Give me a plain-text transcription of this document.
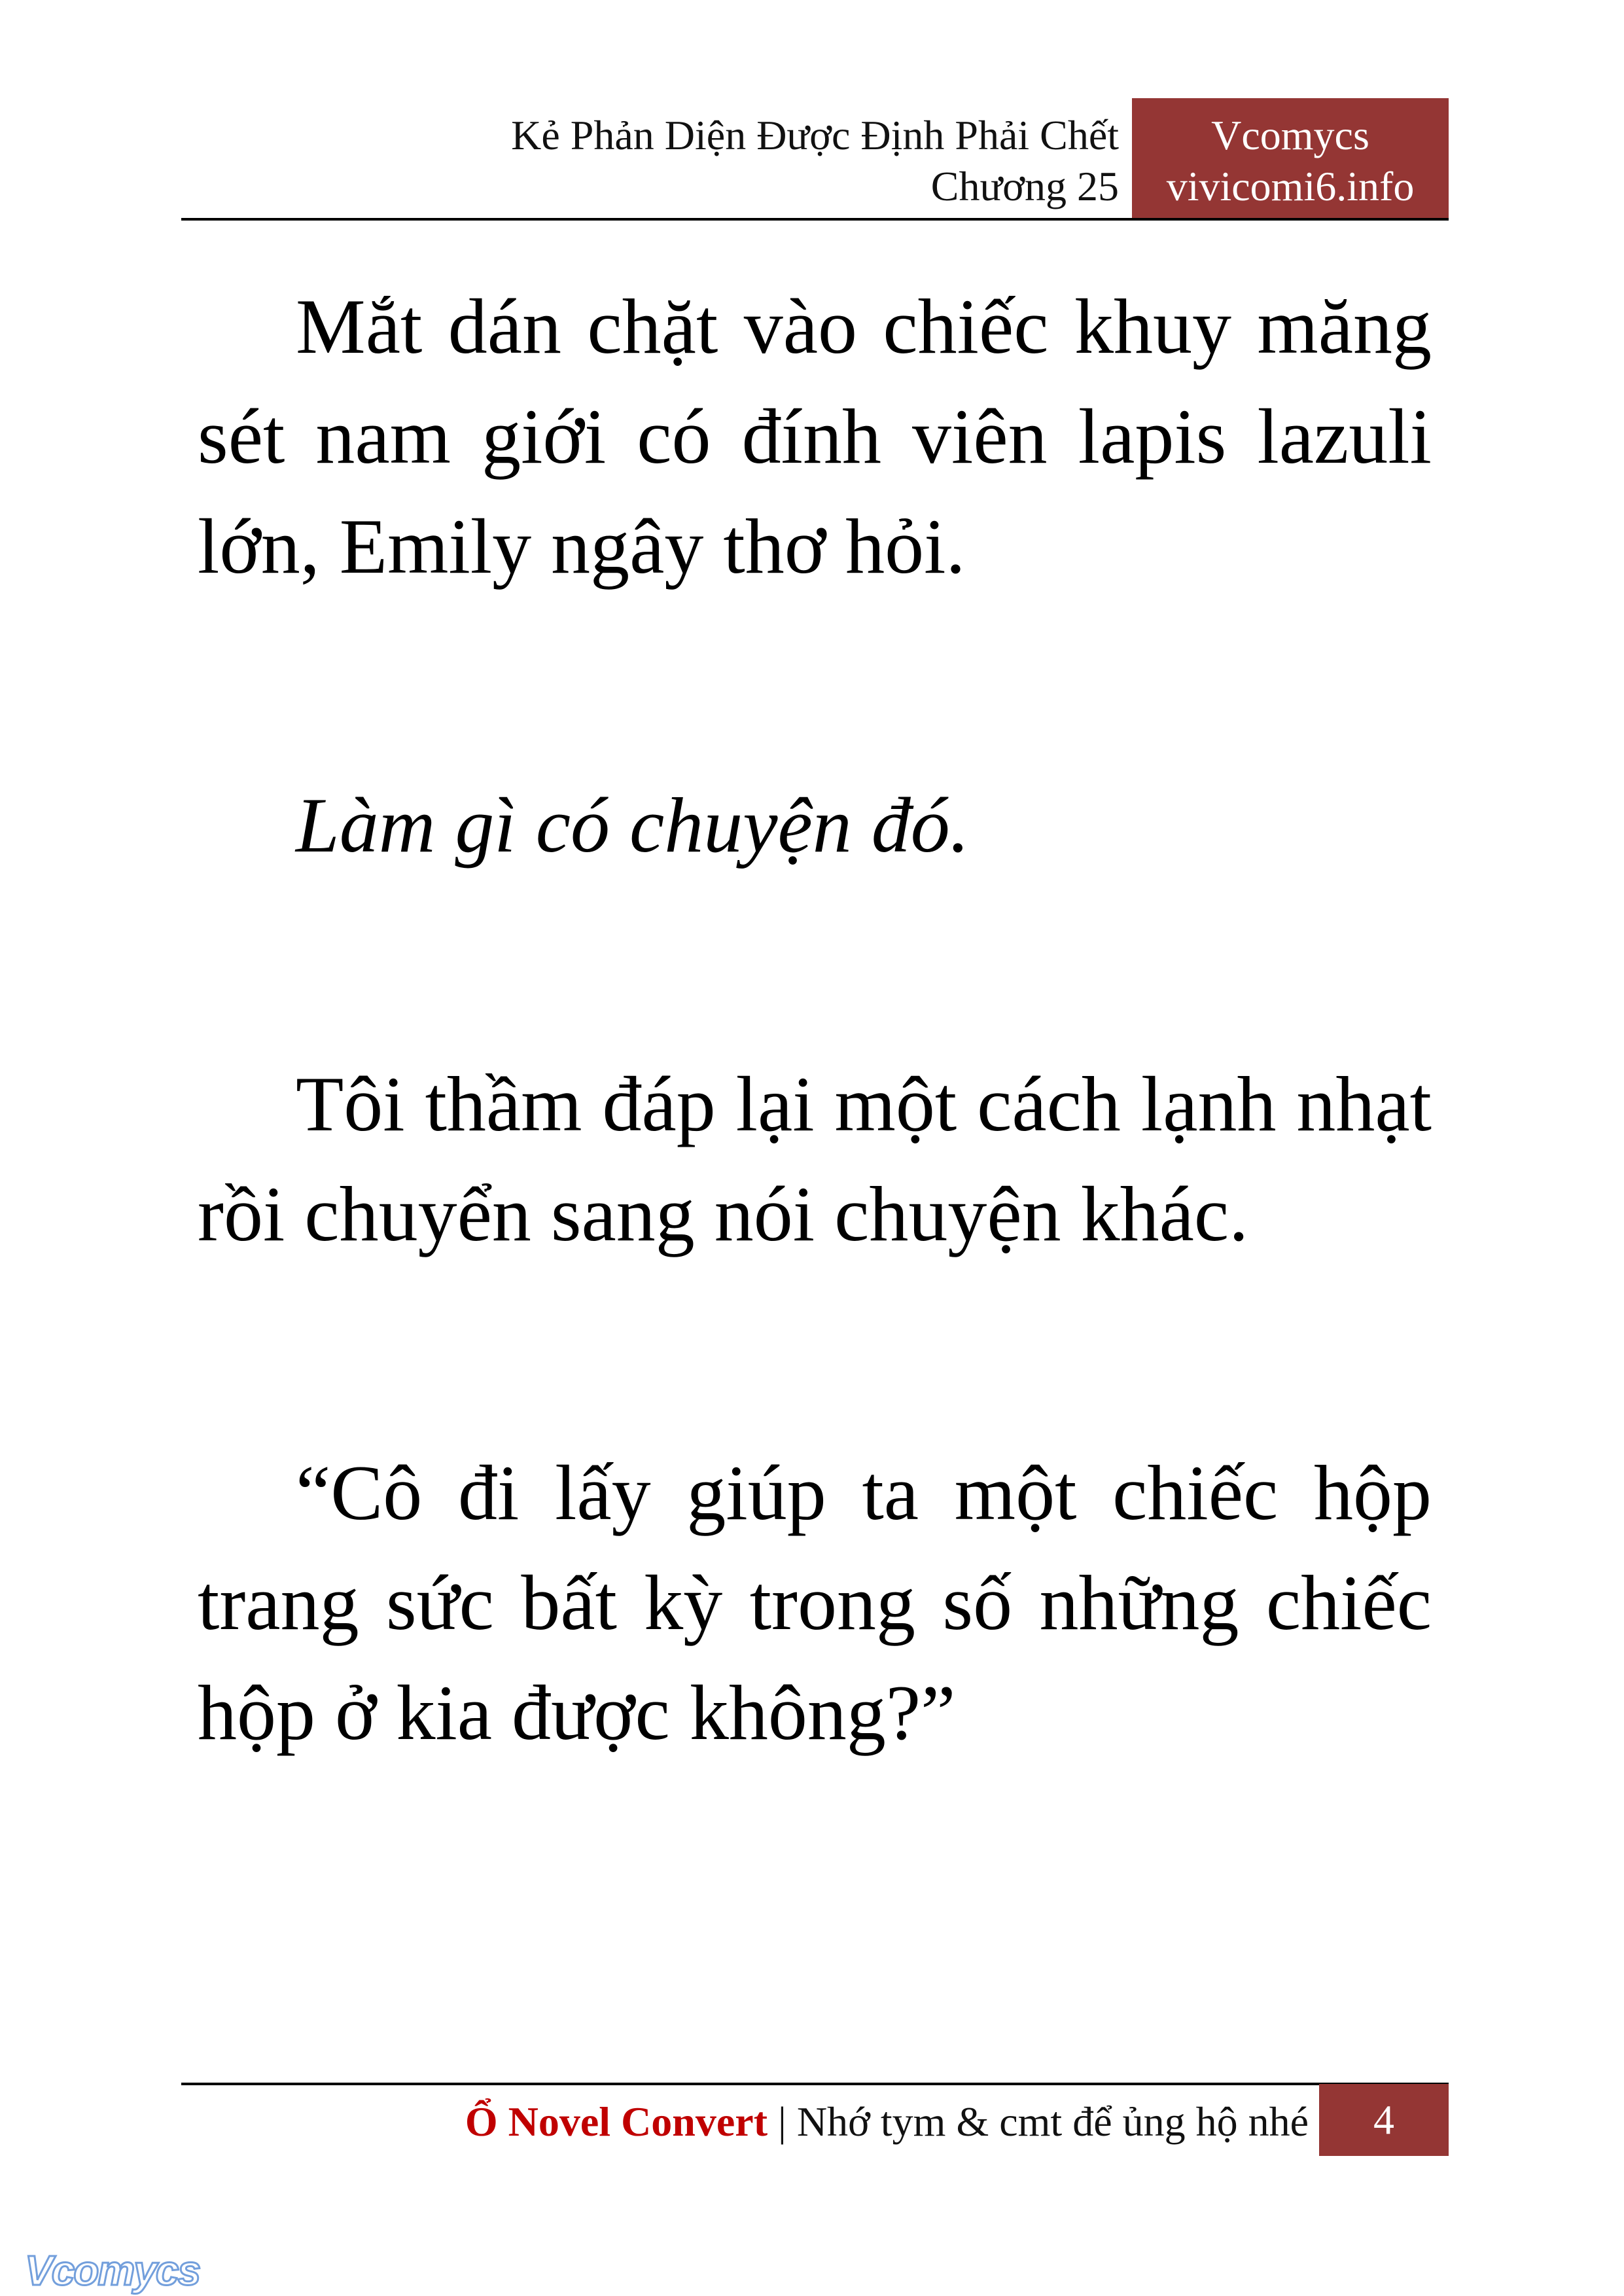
Kẻ Phản Diện Được Định Phải Chết
Chương 25
Vcomycs
vivicomi6.info

Mắt dán chặt vào chiếc khuy măng sét nam giới có đính viên lapis lazuli lớn, Emily ngây thơ hỏi.

Làm gì có chuyện đó.

Tôi thầm đáp lại một cách lạnh nhạt rồi chuyển sang nói chuyện khác.

“Cô đi lấy giúp ta một chiếc hộp trang sức bất kỳ trong số những chiếc hộp ở kia được không?”

Ổ Novel Convert | Nhớ tym & cmt để ủng hộ nhé	4
Vcomycs
